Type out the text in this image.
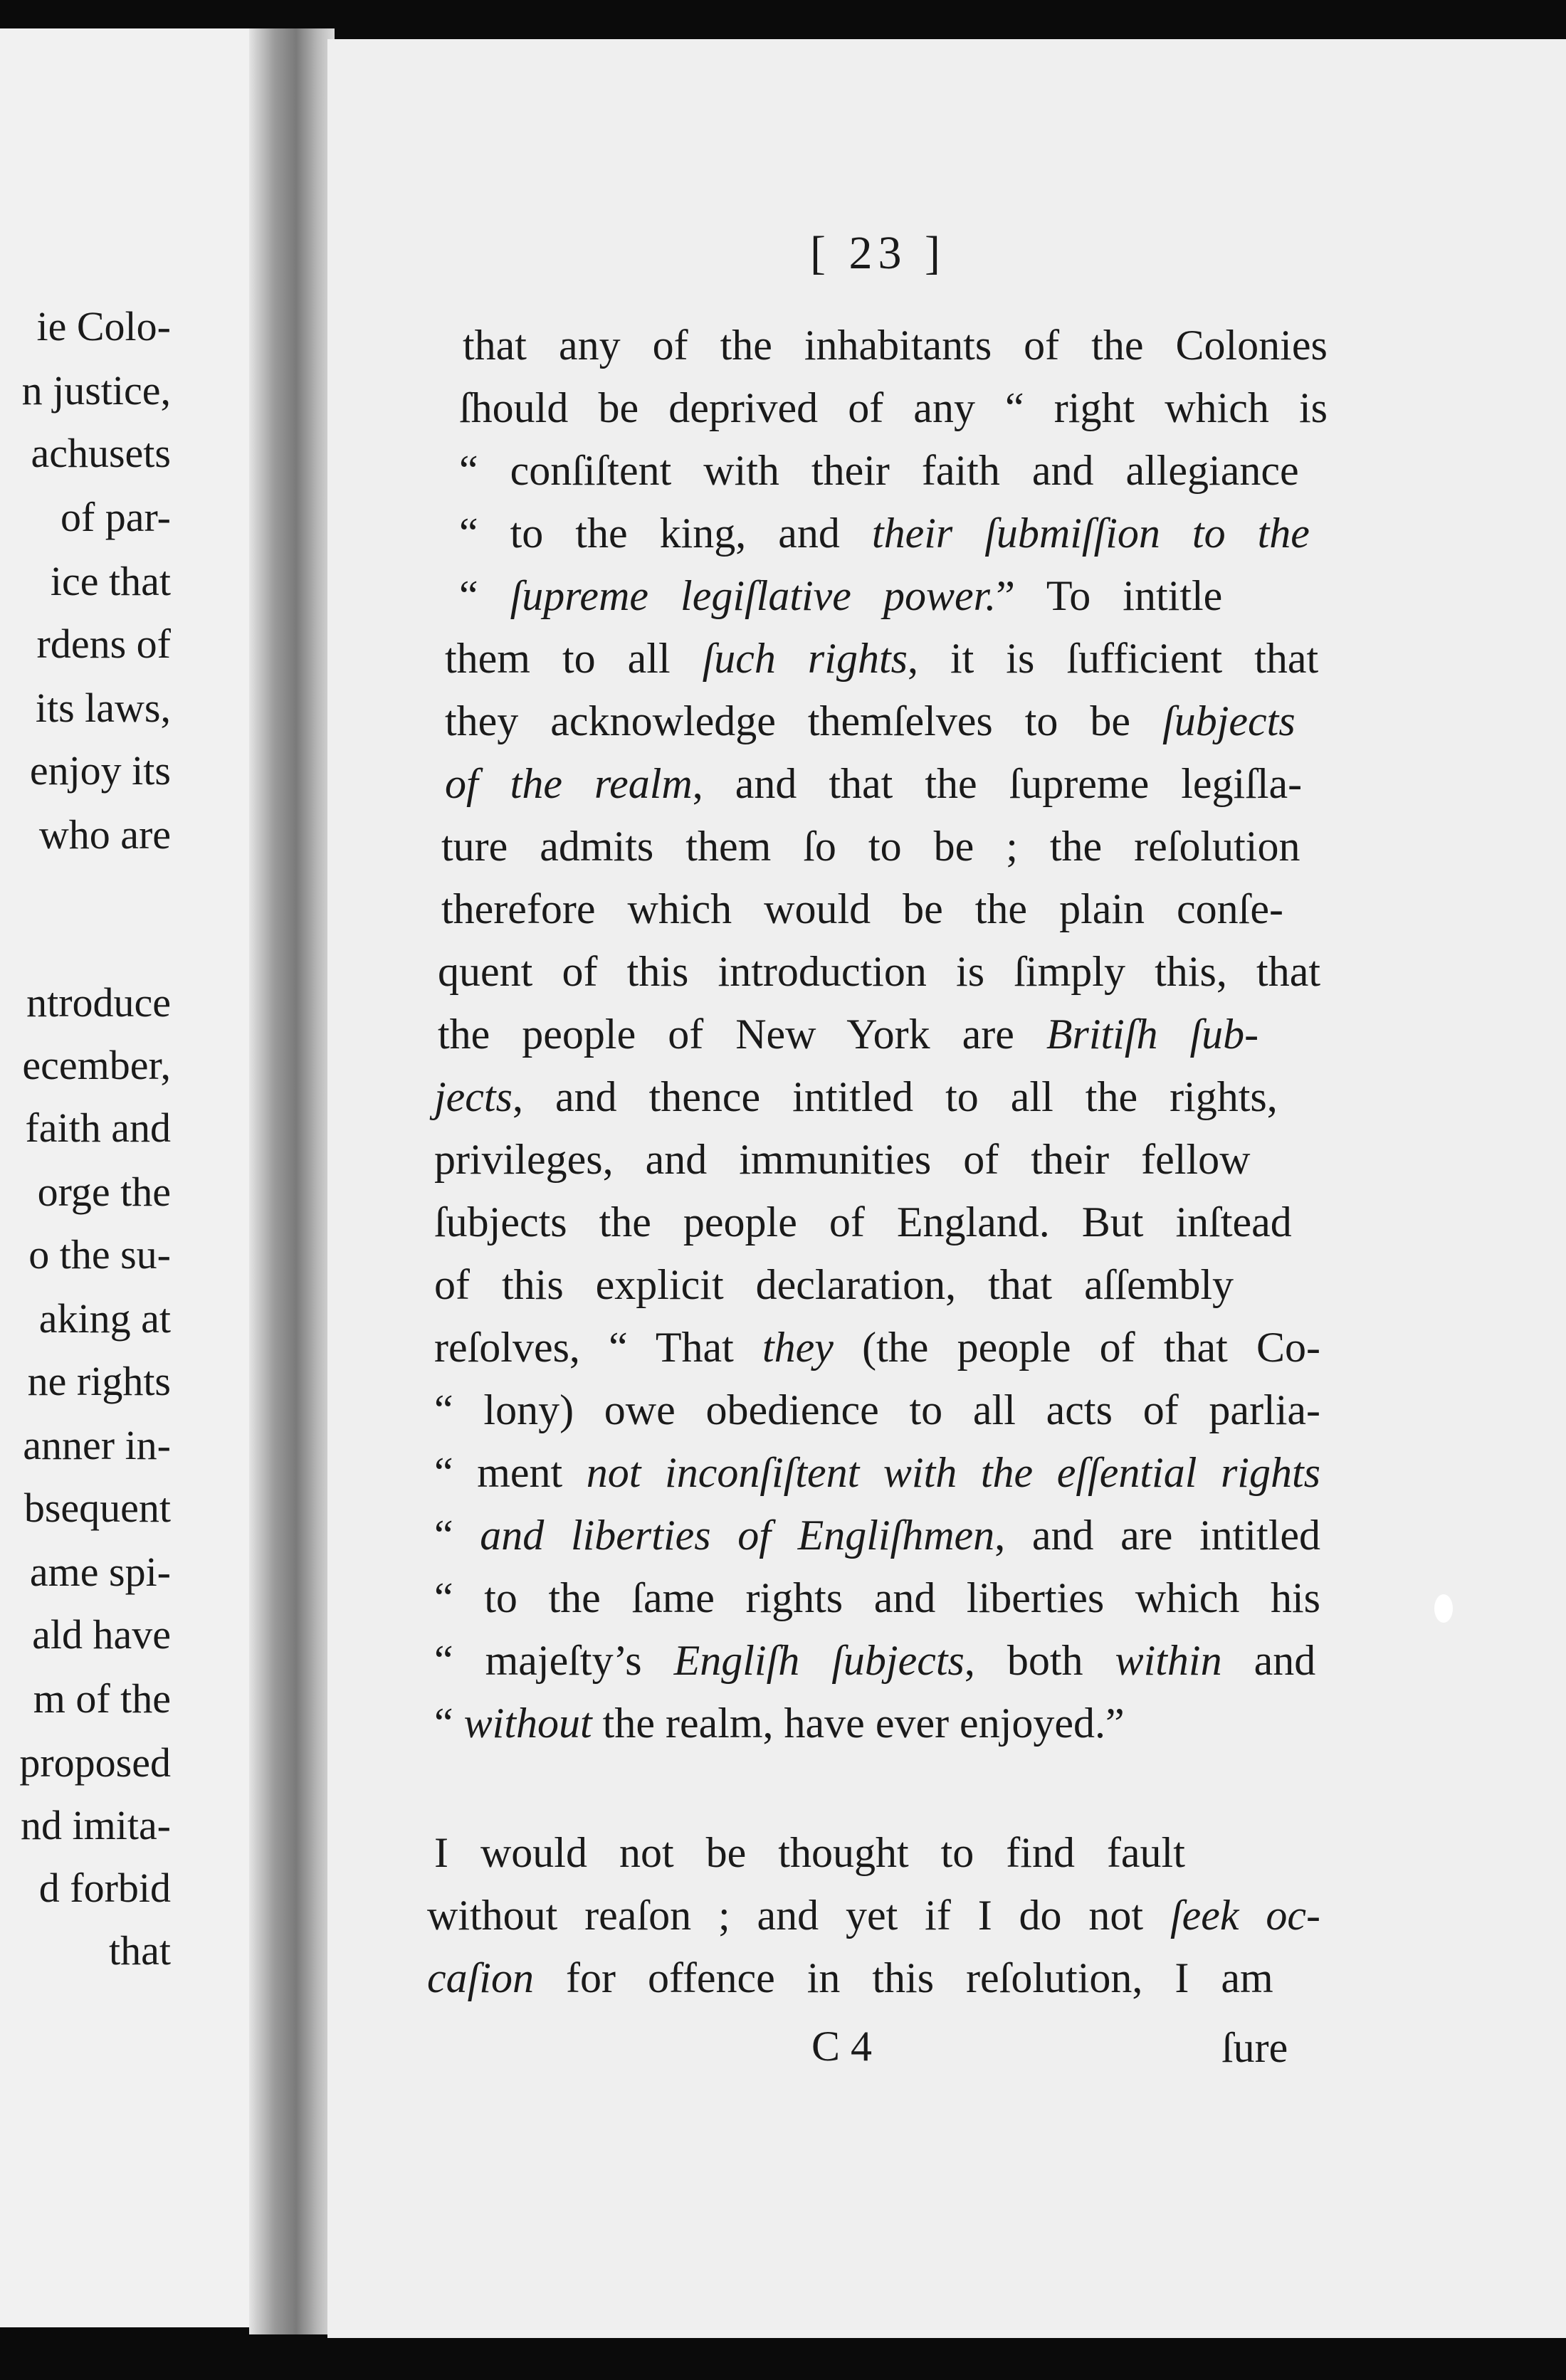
ie Colo-
n justice,
achusets
of par-
ice that
rdens of
its laws,
enjoy its
who are
ntroduce
ecember,
faith and
orge the
o the su-
aking at
ne rights
anner in-
bsequent
ame spi-
ald have
m of the
proposed
nd imita-
d forbid
that
[ 23 ]
that any of the inhabitants of the Colonies
ſhould be deprived of any “ right which is
“ conſiſtent with their faith and allegiance
“ to the king, and their ſubmiſſion to the
“ ſupreme legiſlative power.” To intitle
them to all ſuch rights, it is ſufficient that
they acknowledge themſelves to be ſubjects
of the realm, and that the ſupreme legiſla-
ture admits them ſo to be ; the reſolution
therefore which would be the plain conſe-
quent of this introduction is ſimply this, that
the people of New York are Britiſh ſub-
jects, and thence intitled to all the rights,
privileges, and immunities of their fellow
ſubjects the people of England. But inſtead
of this explicit declaration, that aſſembly
reſolves, “ That they (the people of that Co-
“ lony) owe obedience to all acts of parlia-
“ ment not inconſiſtent with the eſſential rights
“ and liberties of Engliſhmen, and are intitled
“ to the ſame rights and liberties which his
“ majeſty’s Engliſh ſubjects, both within and
“ without the realm, have ever enjoyed.”
I would not be thought to find fault
without reaſon ; and yet if I do not ſeek oc-
caſion for offence in this reſolution, I am
C 4	ſure
